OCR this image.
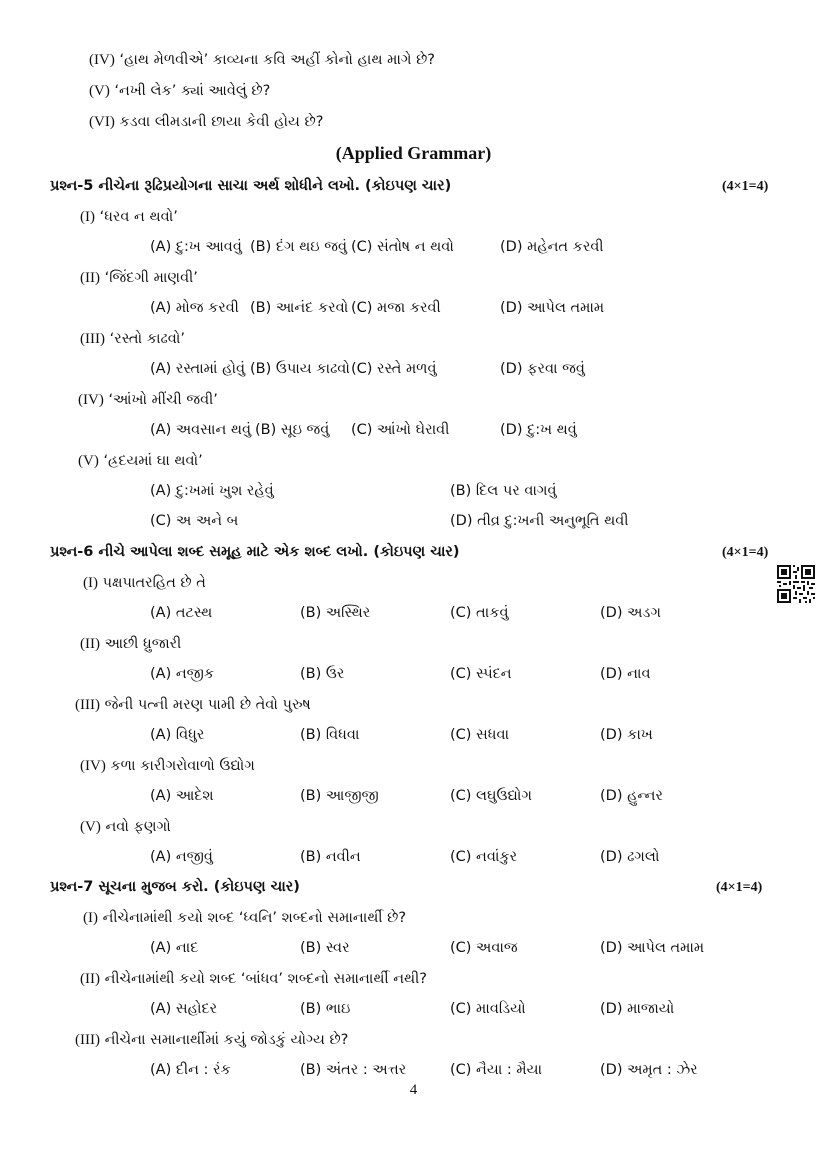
(IV) ‘હાથ મેળવીએ’ કાવ્યના કવિ અહીં કોનો હાથ માગે છે?
(V) ‘નખી લેક’ ક્યાં આવેલું છે?
(VI) કડવા લીમડાની છાયા કેવી હોય છે?
(Applied Grammar)
પ્રશ્ન-5 નીચેના રૂઢિપ્રયોગના સાચા અર્થ શોધીને લખો. (કોઇપણ ચાર)	(4×1=4)
(I) ‘ધરવ ન થવો’
(A) દુ:ખ આવવું (B) દંગ થઇ જવું (C) સંતોષ ન થવો	(D) મહેનત કરવી
(II) ‘જિંદગી માણવી’
(A) મોજ કરવી (B) આનંદ કરવો (C) મજા કરવી	(D) આપેલ તમામ
(III) ‘રસ્તો કાઢવો’
(A) રસ્તામાં હોવું (B) ઉપાય કાઢવો (C) રસ્તે મળવું	(D) ફરવા જવું
(IV) ‘આંખો મીંચી જવી’
(A) અવસાન થવું (B) સૂઇ જવું (C) આંખો ઘેરાવી	(D) દુ:ખ થવું
(V) ‘હ્રદયમાં ઘા થવો’
(A) દુ:ખમાં ખુશ રહેવું	(B) દિલ પર વાગવું
(C) અ અને બ	(D) તીવ્ર દુ:ખની અનુભૂતિ થવી
પ્રશ્ન-6 નીચે આપેલા શબ્દ સમૂહ માટે એક શબ્દ લખો. (કોઇપણ ચાર)	(4×1=4)
(I) પક્ષપાતરહિત છે તે
(A) તટસ્થ	(B) અસ્થિર	(C) તાકવું	(D) અડગ
(II) આછી ધ્રુજારી
(A) નજીક	(B) ઉર	(C) સ્પંદન	(D) નાવ
(III) જેની પત્ની મરણ પામી છે તેવો પુરુષ
(A) વિધુર	(B) વિધવા	(C) સધવા	(D) કાખ
(IV) કળા કારીગરોવાળો ઉદ્યોગ
(A) આદેશ	(B) આજીજી	(C) લઘુઉદ્યોગ	(D) હુન્નર
(V) નવો ફણગો
(A) નજીવું	(B) નવીન	(C) નવાંકુર	(D) ઢગલો
પ્રશ્ન-7 સૂચના મુજબ કરો. (કોઇપણ ચાર)	(4×1=4)
(I) નીચેનામાંથી કયો શબ્દ ‘ધ્વનિ’ શબ્દનો સમાનાર્થી છે?
(A) નાદ	(B) સ્વર	(C) અવાજ	(D) આપેલ તમામ
(II) નીચેનામાંથી કયો શબ્દ ‘બાંધવ’ શબ્દનો સમાનાર્થી નથી?
(A) સહોદર	(B) ભાઇ	(C) માવડિયો	(D) માજાયો
(III) નીચેના સમાનાર્થીમાં કયું જોડકું યોગ્ય છે?
(A) દીન : રંક	(B) અંતર : અત્તર	(C) નૈયા : મૈયા	(D) અમૃત : ઝેર
4
